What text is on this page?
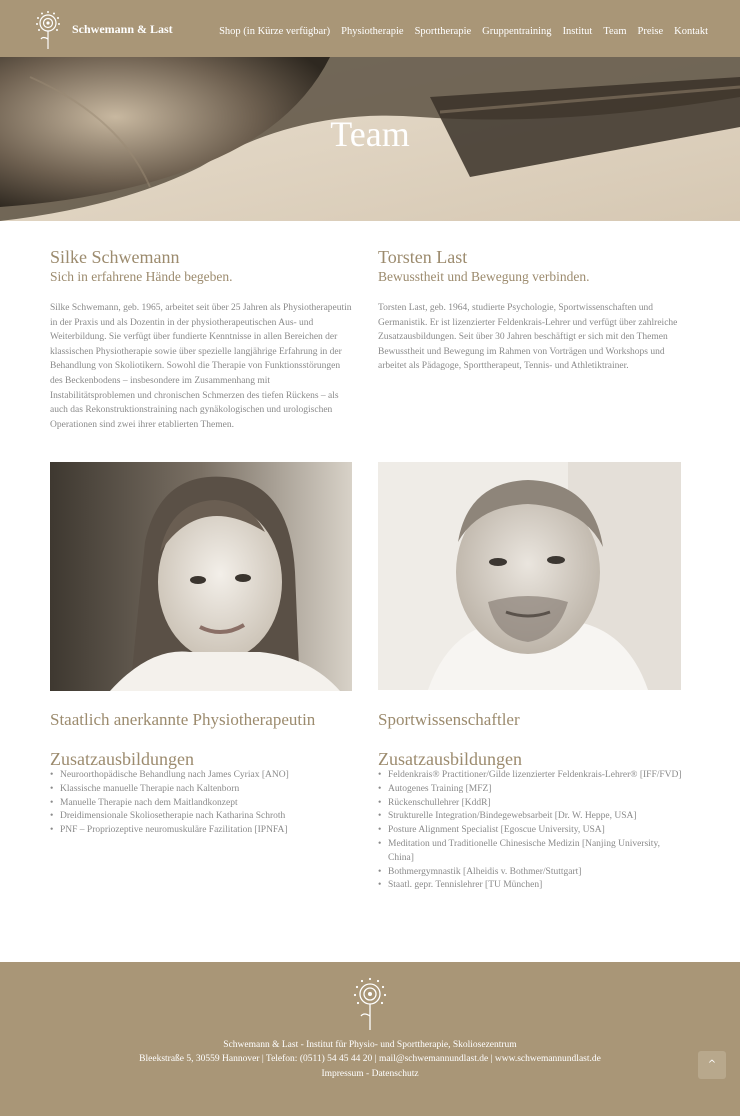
Schwemann & Last	Shop (in Kürze verfügbar) Physiotherapie Sporttherapie Gruppentraining Institut Team Preise Kontakt
Team
Silke Schwemann
Sich in erfahrene Hände begeben.

Silke Schwemann, geb. 1965, arbeitet seit über 25 Jahren als Physiotherapeutin in der Praxis und als Dozentin in der physiotherapeutischen Aus- und Weiterbildung. Sie verfügt über fundierte Kenntnisse in allen Bereichen der klassischen Physiotherapie sowie über spezielle langjährige Erfahrung in der Behandlung von Skoliotikern. Sowohl die Therapie von Funktionsstörungen des Beckenbodens – insbesondere im Zusammenhang mit Instabilitätsproblemen und chronischen Schmerzen des tiefen Rückens – als auch das Rekonstruktionstraining nach gynäkologischen und urologischen Operationen sind zwei ihrer etablierten Themen.

Torsten Last
Bewusstheit und Bewegung verbinden.

Torsten Last, geb. 1964, studierte Psychologie, Sportwissenschaften und Germanistik. Er ist lizenzierter Feldenkrais-Lehrer und verfügt über zahlreiche Zusatzausbildungen. Seit über 30 Jahren beschäftigt er sich mit den Themen Bewusstheit und Bewegung im Rahmen von Vorträgen und Workshops und arbeitet als Pädagoge, Sporttherapeut, Tennis- und Athletiktrainer.

Staatlich anerkannte Physiotherapeutin	Sportwissenschaftler
Zusatzausbildungen
• Neuroorthopädische Behandlung nach James Cyriax [ANO]
• Klassische manuelle Therapie nach Kaltenborn
• Manuelle Therapie nach dem Maitlandkonzept
• Dreidimensionale Skoliosetherapie nach Katharina Schroth
• PNF – Propriozeptive neuromuskuläre Fazilitation [IPNFA]
Zusatzausbildungen
• Feldenkrais® Practitioner/Gilde lizenzierter Feldenkrais-Lehrer® [IFF/FVD]
• Autogenes Training [MFZ]
• Rückenschullehrer [KddR]
• Strukturelle Integration/Bindegewebsarbeit [Dr. W. Heppe, USA]
• Posture Alignment Specialist [Egoscue University, USA]
• Meditation und Traditionelle Chinesische Medizin [Nanjing University, China]
• Bothmergymnastik [Alheidis v. Bothmer/Stuttgart]
• Staatl. gepr. Tennislehrer [TU München]
Schwemann & Last - Institut für Physio- und Sporttherapie, Skoliosezentrum
Bleekstraße 5, 30559 Hannover | Telefon: (0511) 54 45 44 20 | mail@schwemannundlast.de | www.schwemannundlast.de
Impressum - Datenschutz
^
